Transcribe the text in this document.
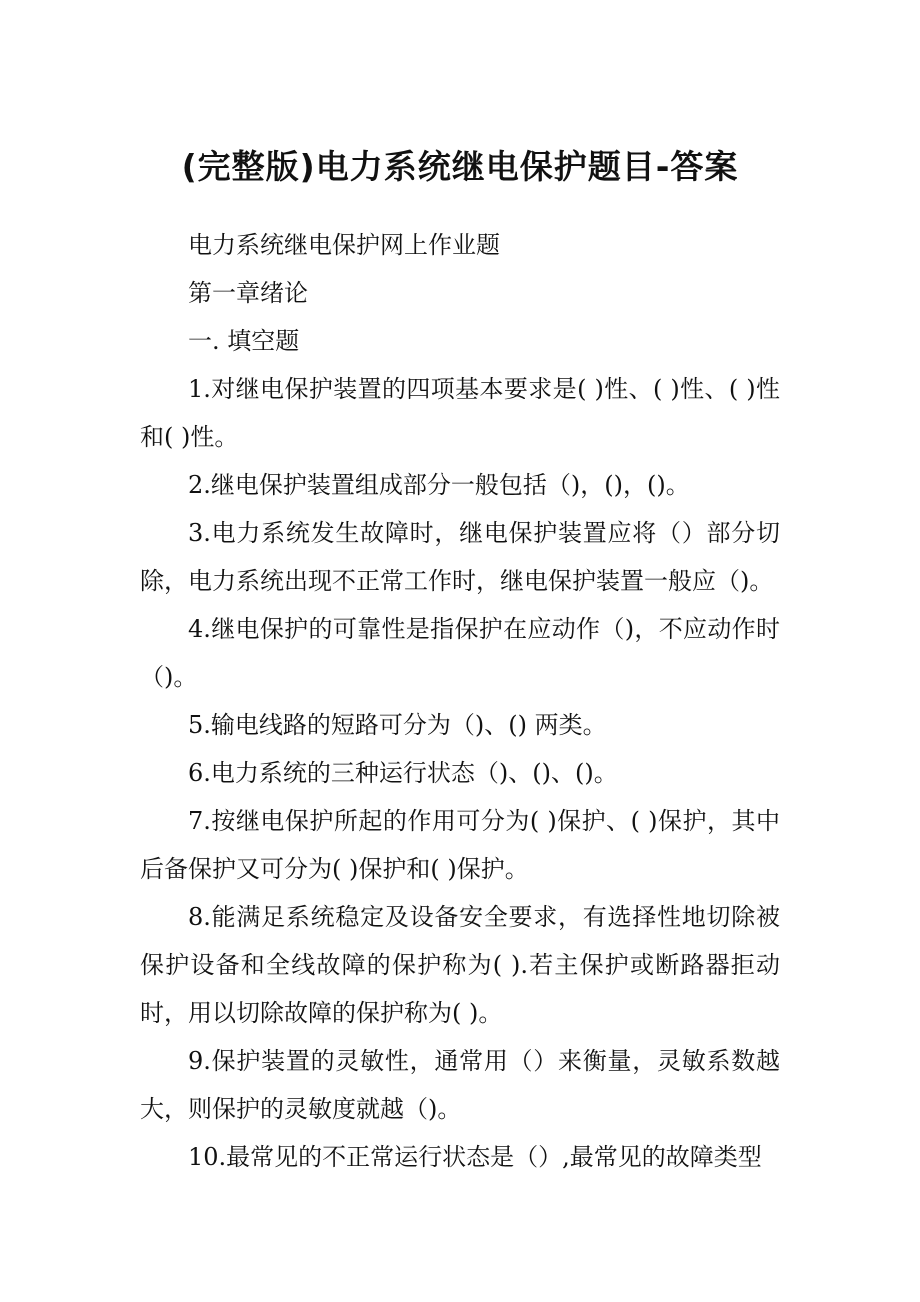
(完整版)电力系统继电保护题目-答案

电力系统继电保护网上作业题

第一章绪论

一. 填空题

1.对继电保护装置的四项基本要求是( )性、( )性、( )性和( )性。

2.继电保护装置组成部分一般包括（)，()，()。

3.电力系统发生故障时，继电保护装置应将（）部分切除，电力系统出现不正常工作时，继电保护装置一般应（)。

4.继电保护的可靠性是指保护在应动作（)，不应动作时（)。

5.输电线路的短路可分为（)、() 两类。

6.电力系统的三种运行状态（)、()、()。

7.按继电保护所起的作用可分为( )保护、( )保护，其中后备保护又可分为( )保护和( )保护。

8.能满足系统稳定及设备安全要求，有选择性地切除被保护设备和全线故障的保护称为( ).若主保护或断路器拒动时，用以切除故障的保护称为( )。

9.保护装置的灵敏性，通常用（）来衡量，灵敏系数越大，则保护的灵敏度就越（)。

10.最常见的不正常运行状态是（）,最常见的故障类型
